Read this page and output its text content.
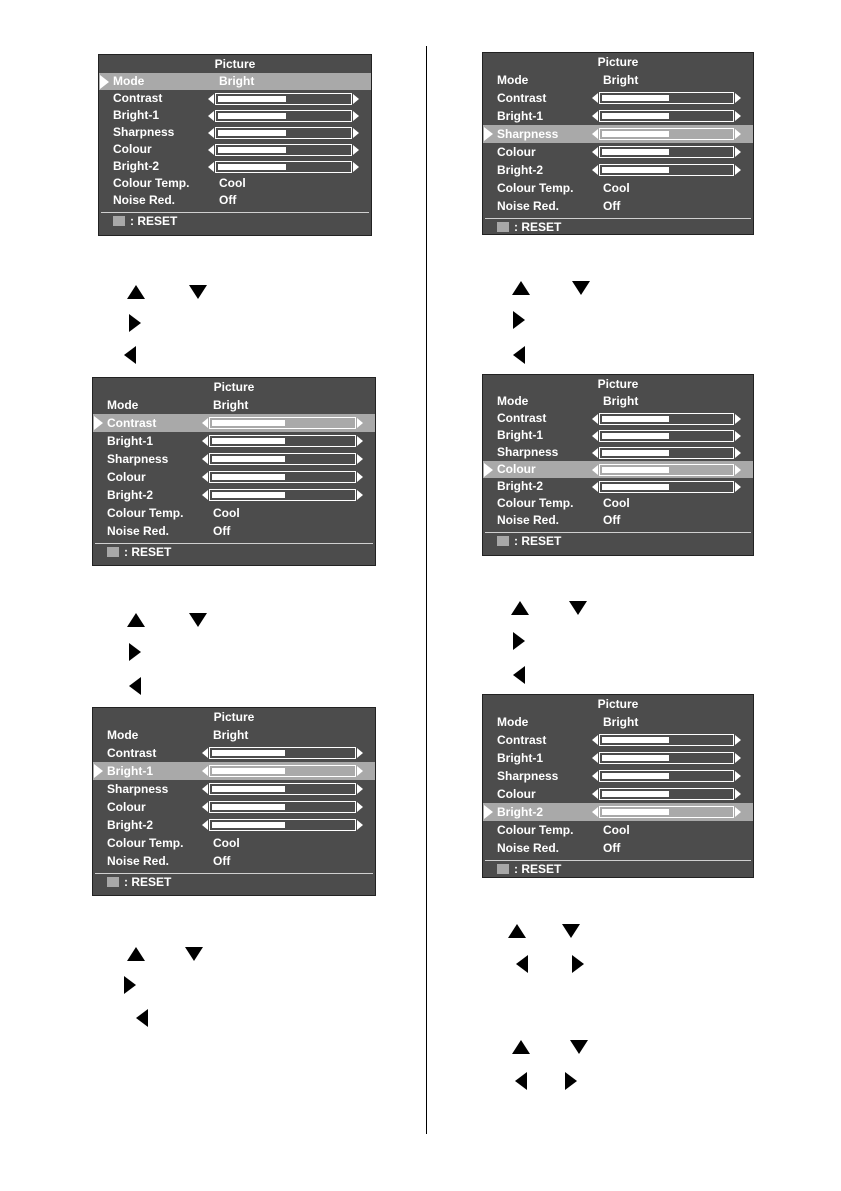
Picture
Mode	Bright
Contrast
Bright-1
Sharpness
Colour
Bright-2
Colour Temp. Cool
Noise Red.	Off
: RESET
Picture
Mode	Bright
Contrast
Bright-1
Sharpness
Colour
Bright-2
Colour Temp. Cool
Noise Red.	Off
: RESET
Picture
Mode	Bright
Contrast
Bright-1
Sharpness
Colour
Bright-2
Colour Temp. Cool
Noise Red.	Off
: RESET
Picture
Mode	Bright
Contrast
Bright-1
Sharpness
Colour
Bright-2
Colour Temp. Cool
Noise Red.	Off
: RESET
Picture
Mode	Bright
Contrast
Bright-1
Sharpness
Colour
Bright-2
Colour Temp. Cool
Noise Red.	Off
: RESET
Picture
Mode	Bright
Contrast
Bright-1
Sharpness
Colour
Bright-2
Colour Temp. Cool
Noise Red.	Off
: RESET
